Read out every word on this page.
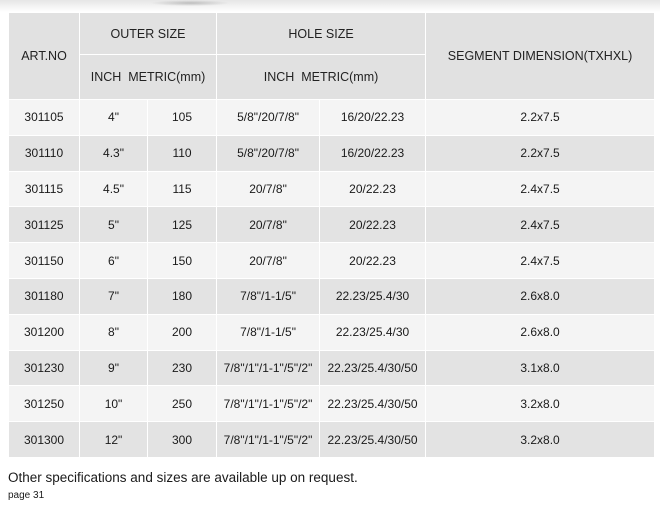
ART.NO	OUTER SIZE		HOLE SIZE		SEGMENT DIMENSION(TXHXL)
	INCH  METRIC(mm)		INCH  METRIC(mm)		
301105	4"	105	5/8"/20/7/8"	16/20/22.23	2.2x7.5
301110	4.3"	110	5/8"/20/7/8"	16/20/22.23	2.2x7.5
301115	4.5"	115	20/7/8"	20/22.23	2.4x7.5
301125	5"	125	20/7/8"	20/22.23	2.4x7.5
301150	6"	150	20/7/8"	20/22.23	2.4x7.5
301180	7"	180	7/8"/1-1/5"	22.23/25.4/30	2.6x8.0
301200	8"	200	7/8"/1-1/5"	22.23/25.4/30	2.6x8.0
301230	9"	230	7/8"/1"/1-1"/5"/2"	22.23/25.4/30/50	3.1x8.0
301250	10"	250	7/8"/1"/1-1"/5"/2"	22.23/25.4/30/50	3.2x8.0
301300	12"	300	7/8"/1"/1-1"/5"/2"	22.23/25.4/30/50	3.2x8.0
Other specifications and sizes are available up on request.
page 31
